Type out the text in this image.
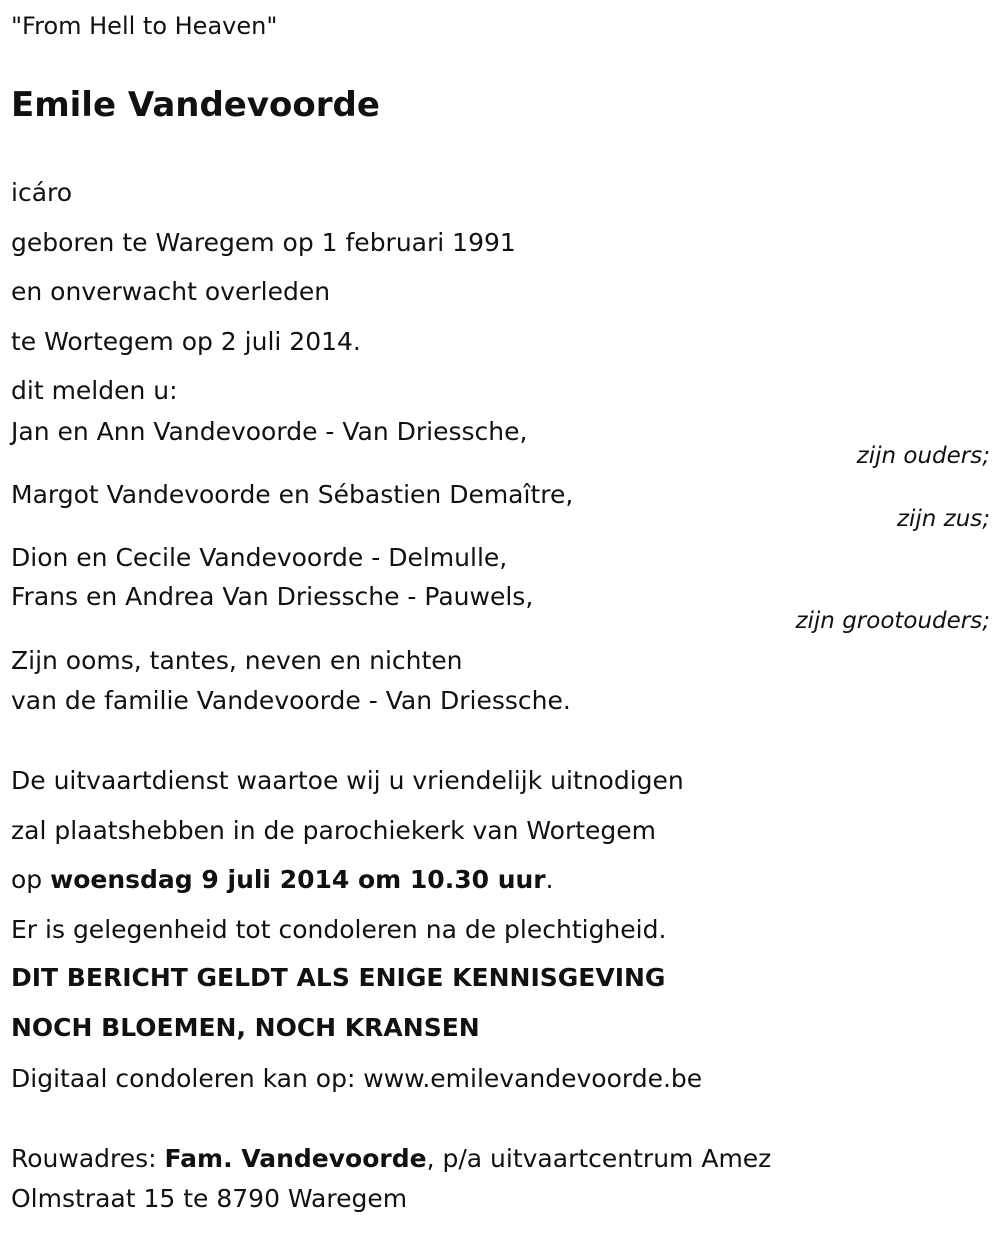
"From Hell to Heaven"
Emile Vandevoorde
icáro
geboren te Waregem op 1 februari 1991
en onverwacht overleden
te Wortegem op 2 juli 2014.
dit melden u:
Jan en Ann Vandevoorde - Van Driessche,
zijn ouders;
Margot Vandevoorde en Sébastien Demaître,
zijn zus;
Dion en Cecile Vandevoorde - Delmulle,
Frans en Andrea Van Driessche - Pauwels,
zijn grootouders;
Zijn ooms, tantes, neven en nichten
van de familie Vandevoorde - Van Driessche.
De uitvaartdienst waartoe wij u vriendelijk uitnodigen
zal plaatshebben in de parochiekerk van Wortegem
op woensdag 9 juli 2014 om 10.30 uur.
Er is gelegenheid tot condoleren na de plechtigheid.
DIT BERICHT GELDT ALS ENIGE KENNISGEVING
NOCH BLOEMEN, NOCH KRANSEN
Digitaal condoleren kan op: www.emilevandevoorde.be
Rouwadres: Fam. Vandevoorde, p/a uitvaartcentrum Amez
Olmstraat 15 te 8790 Waregem
